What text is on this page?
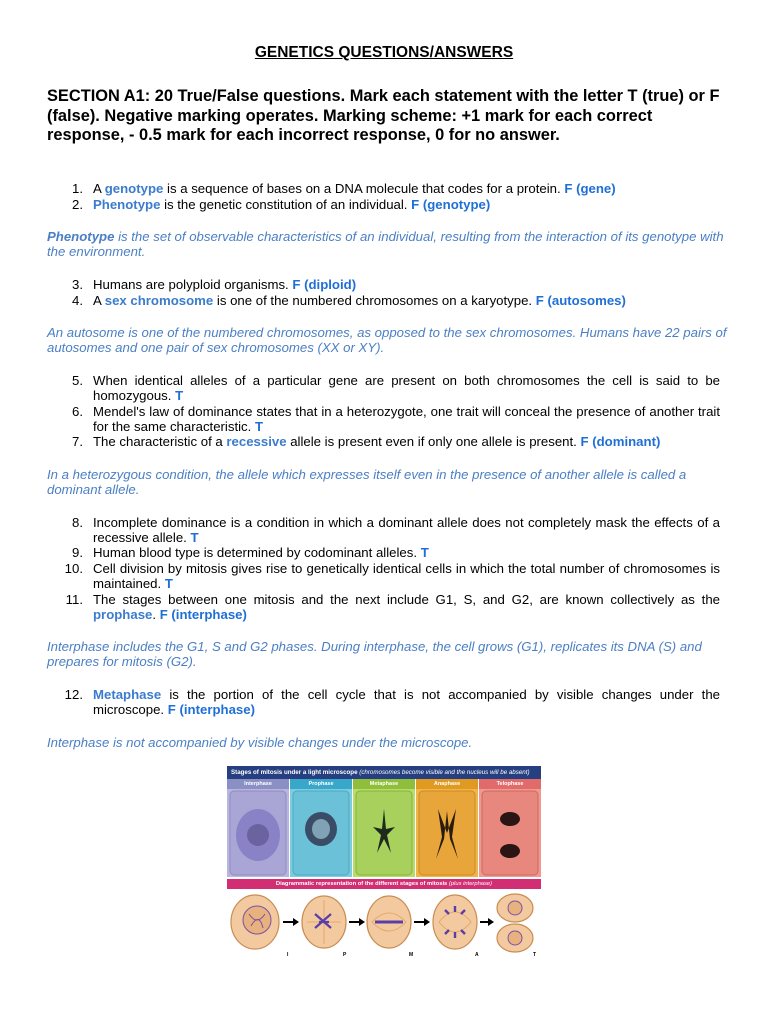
GENETICS QUESTIONS/ANSWERS
SECTION A1: 20 True/False questions. Mark each statement with the letter T (true) or F (false). Negative marking operates. Marking scheme: +1 mark for each correct response, - 0.5 mark for each incorrect response, 0 for no answer.
1. A genotype is a sequence of bases on a DNA molecule that codes for a protein. F (gene)
2. Phenotype is the genetic constitution of an individual. F (genotype)
Phenotype is the set of observable characteristics of an individual, resulting from the interaction of its genotype with the environment.
3. Humans are polyploid organisms. F (diploid)
4. A sex chromosome is one of the numbered chromosomes on a karyotype. F (autosomes)
An autosome is one of the numbered chromosomes, as opposed to the sex chromosomes. Humans have 22 pairs of autosomes and one pair of sex chromosomes (XX or XY).
5. When identical alleles of a particular gene are present on both chromosomes the cell is said to be homozygous. T
6. Mendel's law of dominance states that in a heterozygote, one trait will conceal the presence of another trait for the same characteristic. T
7. The characteristic of a recessive allele is present even if only one allele is present. F (dominant)
In a heterozygous condition, the allele which expresses itself even in the presence of another allele is called a dominant allele.
8. Incomplete dominance is a condition in which a dominant allele does not completely mask the effects of a recessive allele. T
9. Human blood type is determined by codominant alleles. T
10. Cell division by mitosis gives rise to genetically identical cells in which the total number of chromosomes is maintained. T
11. The stages between one mitosis and the next include G1, S, and G2, are known collectively as the prophase. F (interphase)
Interphase includes the G1, S and G2 phases. During interphase, the cell grows (G1), replicates its DNA (S) and prepares for mitosis (G2).
12. Metaphase is the portion of the cell cycle that is not accompanied by visible changes under the microscope. F (interphase)
Interphase is not accompanied by visible changes under the microscope.
Stages of mitosis under a light microscope (chromosomes become visible and the nucleus will be absent)
Interphase	Prophase	Metaphase	Anaphase	Telophase
Diagrammatic representation of the different stages of mitosis (plus interphase)
I	P	M	A	T
